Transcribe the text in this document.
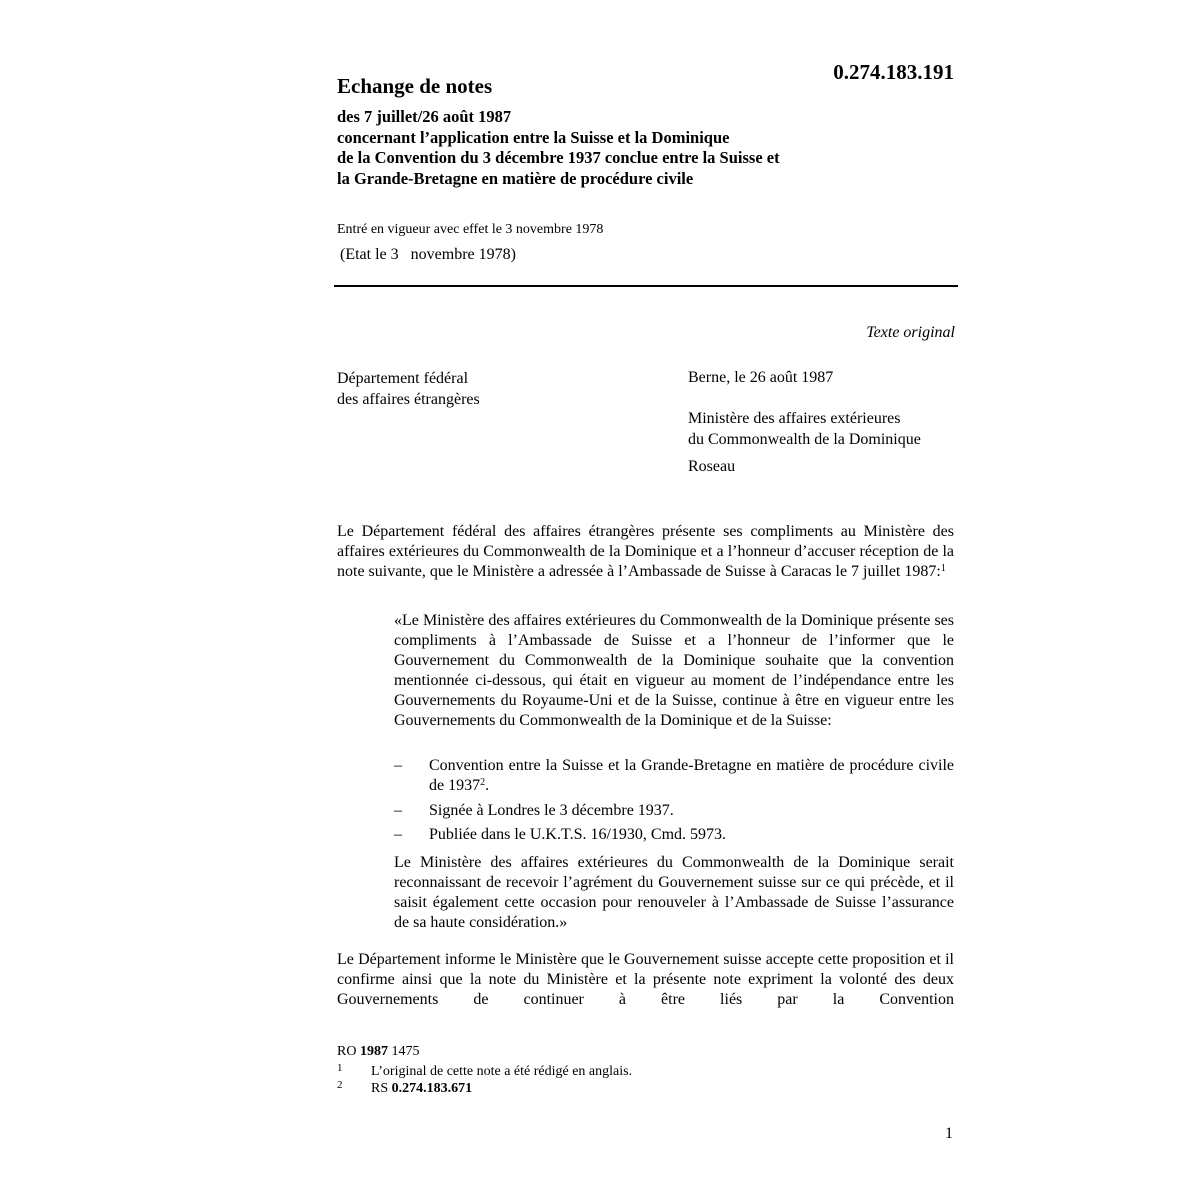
0.274.183.191
Echange de notes
des 7 juillet/26 août 1987
concernant l’application entre la Suisse et la Dominique
de la Convention du 3 décembre 1937 conclue entre la Suisse et
la Grande-Bretagne en matière de procédure civile
Entré en vigueur avec effet le 3 novembre 1978
(Etat le 3   novembre 1978)
Texte original
Département fédéral
des affaires étrangères
Berne, le 26 août 1987
Ministère des affaires extérieures
du Commonwealth de la Dominique
Roseau
Le Département fédéral des affaires étrangères présente ses compliments au Ministère des affaires extérieures du Commonwealth de la Dominique et a l’honneur d’accuser réception de la note suivante, que le Ministère a adressée à l’Ambassade de Suisse à Caracas le 7 juillet 1987:$^1$
«Le Ministère des affaires extérieures du Commonwealth de la Dominique présente ses compliments à l’Ambassade de Suisse et a l’honneur de l’informer que le Gouvernement du Commonwealth de la Dominique souhaite que la convention mentionnée ci-dessous, qui était en vigueur au moment de l’indépendance entre les Gouvernements du Royaume-Uni et de la Suisse, continue à être en vigueur entre les Gouvernements du Commonwealth de la Dominique et de la Suisse:
– Convention entre la Suisse et la Grande-Bretagne en matière de procédure civile de 1937$^2$.
– Signée à Londres le 3 décembre 1937.
– Publiée dans le U.K.T.S. 16/1930, Cmd. 5973.
Le Ministère des affaires extérieures du Commonwealth de la Dominique serait reconnaissant de recevoir l’agrément du Gouvernement suisse sur ce qui précède, et il saisit également cette occasion pour renouveler à l’Ambassade de Suisse l’assurance de sa haute considération.»
Le Département informe le Ministère que le Gouvernement suisse accepte cette proposition et il confirme ainsi que la note du Ministère et la présente note expriment la volonté des deux Gouvernements de continuer à être liés par la Convention
RO 1987 1475
1 L’original de cette note a été rédigé en anglais.
2 RS 0.274.183.671
1
